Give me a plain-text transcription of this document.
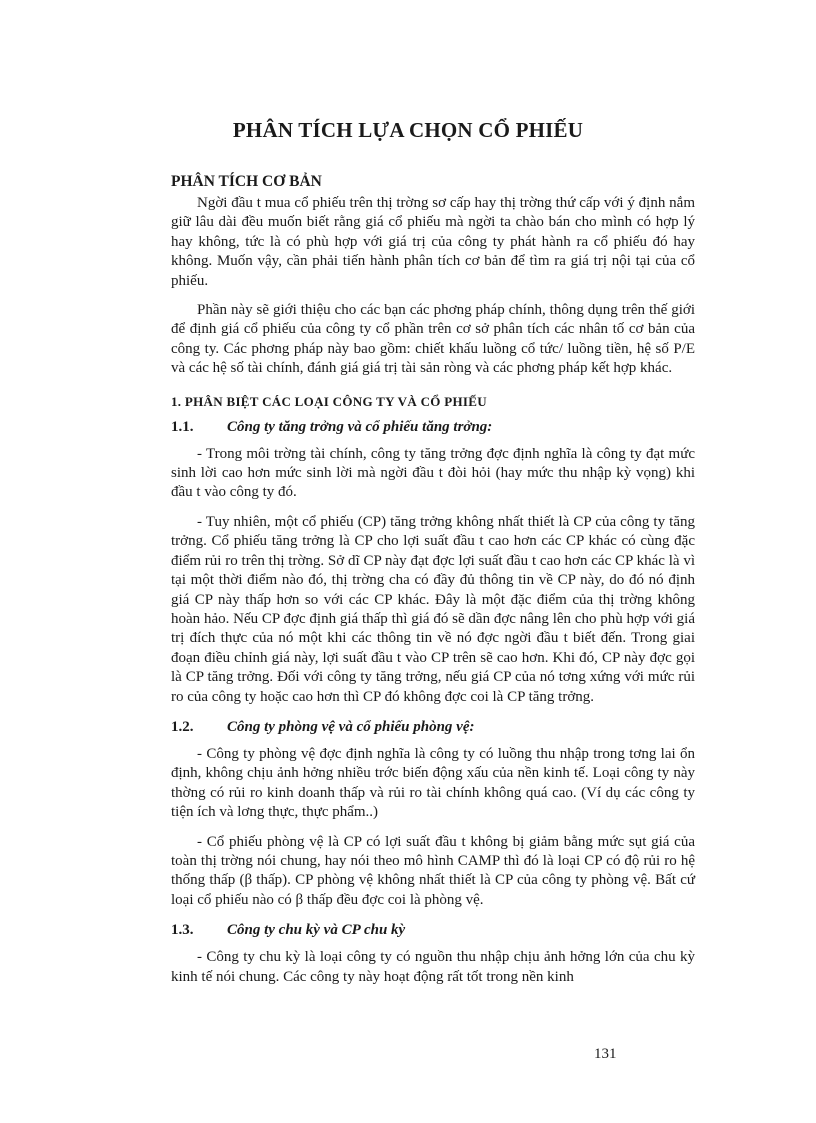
PHÂN TÍCH LỰA CHỌN CỔ PHIẾU
PHÂN TÍCH CƠ BẢN

Ngời đầu t mua cổ phiếu trên thị trờng sơ cấp hay thị trờng thứ cấp với ý định nắm giữ lâu dài đều muốn biết rằng giá cổ phiếu mà ngời ta chào bán cho mình có hợp lý hay không, tức là có phù hợp với giá trị của công ty phát hành ra cổ phiếu đó hay không. Muốn vậy, cần phải tiến hành phân tích cơ bản để tìm ra giá trị nội tại của cổ phiếu.

Phần này sẽ giới thiệu cho các bạn các phơng pháp chính, thông dụng trên thế giới để định giá cổ phiếu của công ty cổ phần trên cơ sở phân tích các nhân tố cơ bản của công ty. Các phơng pháp này bao gồm: chiết khấu luồng cổ tức/ luồng tiền, hệ số P/E và các hệ số tài chính, đánh giá giá trị tài sản ròng và các phơng pháp kết hợp khác.

1. PHÂN BIỆT CÁC LOẠI CÔNG TY VÀ CỔ PHIẾU
1.1. Công ty tăng trởng và cổ phiếu tăng trởng:

- Trong môi trờng tài chính, công ty tăng trởng đợc định nghĩa là công ty đạt mức sinh lời cao hơn mức sinh lời mà ngời đầu t đòi hỏi (hay mức thu nhập kỳ vọng) khi đầu t vào công ty đó.

- Tuy nhiên, một cổ phiếu (CP) tăng trởng không nhất thiết là CP của công ty tăng trởng. Cổ phiếu tăng trởng là CP cho lợi suất đầu t cao hơn các CP khác có cùng đặc điểm rủi ro trên thị trờng. Sở dĩ CP này đạt đợc lợi suất đầu t cao hơn các CP khác là vì tại một thời điểm nào đó, thị trờng cha có đầy đủ thông tin về CP này, do đó nó định giá CP này thấp hơn so với các CP khác. Đây là một đặc điểm của thị trờng không hoàn hảo. Nếu CP đợc định giá thấp thì giá đó sẽ dần đợc nâng lên cho phù hợp với giá trị đích thực của nó một khi các thông tin về nó đợc ngời đầu t biết đến. Trong giai đoạn điều chỉnh giá này, lợi suất đầu t vào CP trên sẽ cao hơn. Khi đó, CP này đợc gọi là CP tăng trởng. Đối với công ty tăng trởng, nếu giá CP của nó tơng xứng với mức rủi ro của công ty hoặc cao hơn thì CP đó không đợc coi là CP tăng trởng.

1.2. Công ty phòng vệ và cổ phiếu phòng vệ:

- Công ty phòng vệ đợc định nghĩa là công ty có luồng thu nhập trong tơng lai ổn định, không chịu ảnh hởng nhiều trớc biến động xấu của nền kinh tế. Loại công ty này thờng có rủi ro kinh doanh thấp và rủi ro tài chính không quá cao. (Ví dụ các công ty tiện ích và lơng thực, thực phẩm..)

- Cổ phiếu phòng vệ là CP có lợi suất đầu t không bị giảm bằng mức sụt giá của toàn thị trờng nói chung, hay nói theo mô hình CAMP thì đó là loại CP có độ rủi ro hệ thống thấp (β thấp). CP phòng vệ không nhất thiết là CP của công ty phòng vệ. Bất cứ loại cổ phiếu nào có β thấp đều đợc coi là phòng vệ.

1.3. Công ty chu kỳ và CP chu kỳ

- Công ty chu kỳ là loại công ty có nguồn thu nhập chịu ảnh hởng lớn của chu kỳ kinh tế nói chung. Các công ty này hoạt động rất tốt trong nền kinh

131
